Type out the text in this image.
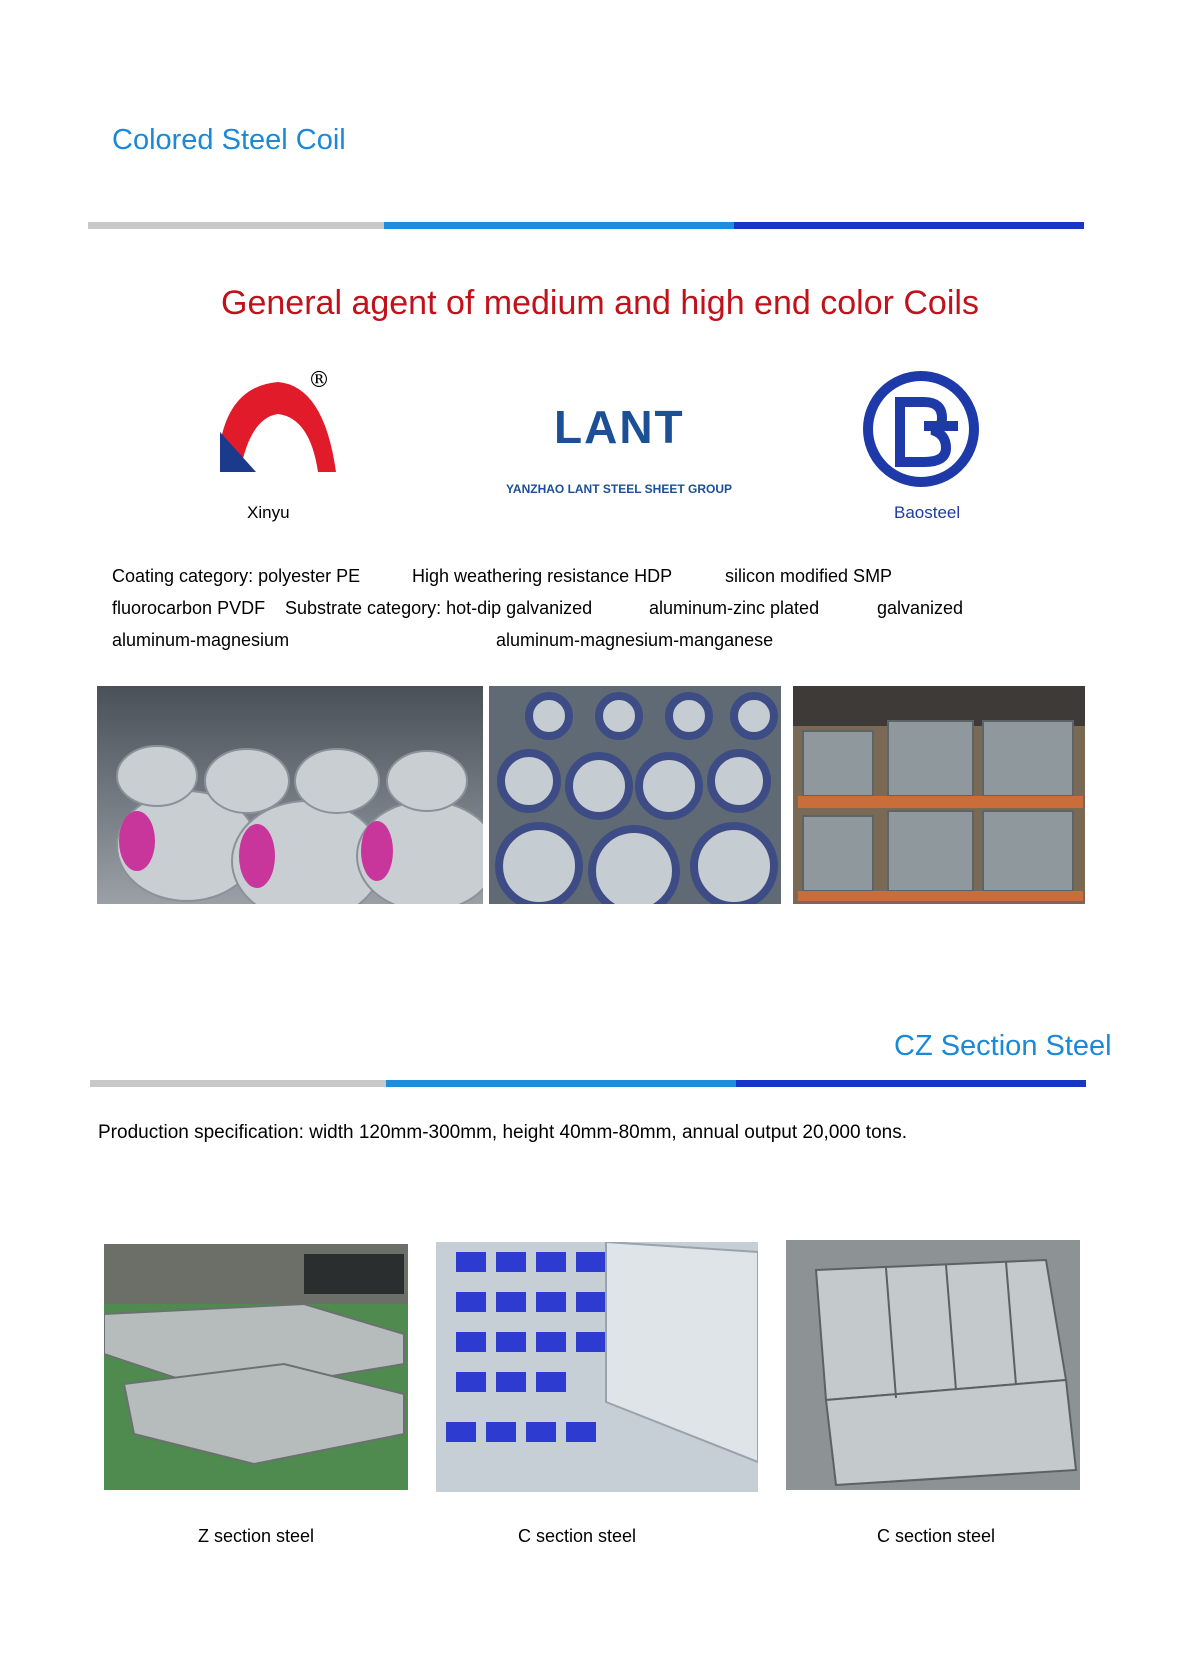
Colored Steel Coil
General agent of medium and high end color Coils
®
Xinyu
LANT
YANZHAO LANT STEEL SHEET GROUP
Baosteel
Coating category: polyester PE	High weathering resistance HDP	silicon modified SMP
fluorocarbon PVDF Substrate category: hot-dip galvanized	aluminum-zinc plated	galvanized
aluminum-magnesium	aluminum-magnesium-manganese
CZ Section Steel
Production specification: width 120mm-300mm, height 40mm-80mm, annual output 20,000 tons.
Z section steel	C section steel	C section steel
